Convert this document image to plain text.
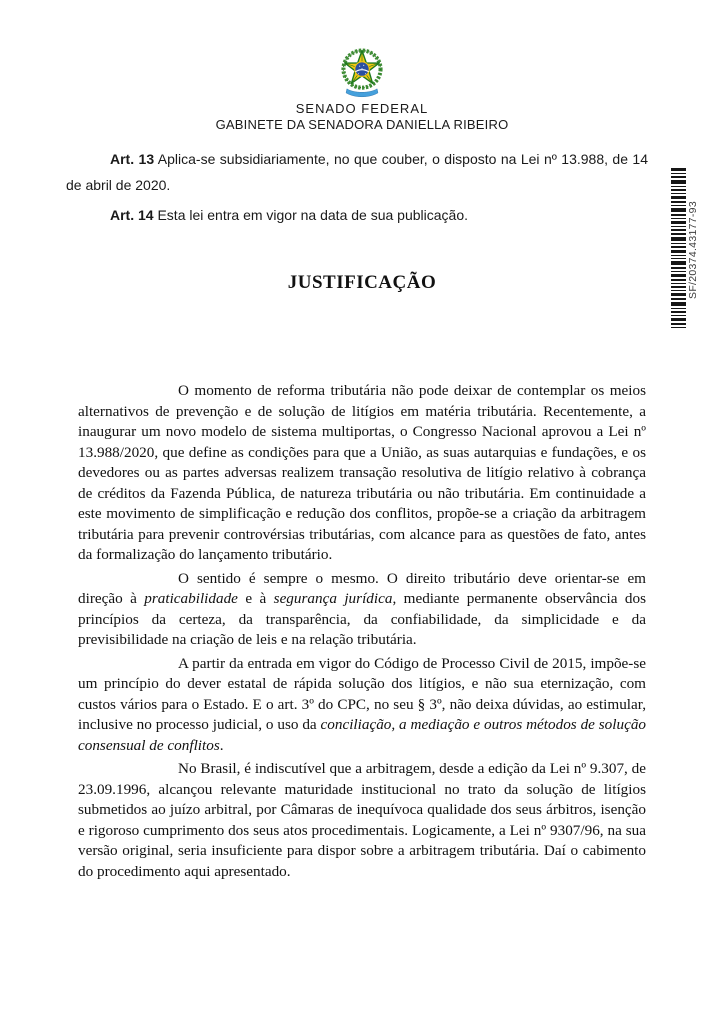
SENADO FEDERAL
GABINETE DA SENADORA DANIELLA RIBEIRO

Art. 13 Aplica-se subsidiariamente, no que couber, o disposto na Lei nº 13.988, de 14 de abril de 2020.

Art. 14 Esta lei entra em vigor na data de sua publicação.	SF/20374.43177-93
JUSTIFICAÇÃO

O momento de reforma tributária não pode deixar de contemplar os meios alternativos de prevenção e de solução de litígios em matéria tributária. Recentemente, a inaugurar um novo modelo de sistema multiportas, o Congresso Nacional aprovou a Lei nº 13.988/2020, que define as condições para que a União, as suas autarquias e fundações, e os devedores ou as partes adversas realizem transação resolutiva de litígio relativo à cobrança de créditos da Fazenda Pública, de natureza tributária ou não tributária. Em continuidade a este movimento de simplificação e redução dos conflitos, propõe-se a criação da arbitragem tributária para prevenir controvérsias tributárias, com alcance para as questões de fato, antes da formalização do lançamento tributário.

O sentido é sempre o mesmo. O direito tributário deve orientar-se em direção à praticabilidade e à segurança jurídica, mediante permanente observância dos princípios da certeza, da transparência, da confiabilidade, da simplicidade e da previsibilidade na criação de leis e na relação tributária.

A partir da entrada em vigor do Código de Processo Civil de 2015, impõe-se um princípio do dever estatal de rápida solução dos litígios, e não sua eternização, com custos vários para o Estado. E o art. 3º do CPC, no seu § 3º, não deixa dúvidas, ao estimular, inclusive no processo judicial, o uso da conciliação, a mediação e outros métodos de solução consensual de conflitos.

No Brasil, é indiscutível que a arbitragem, desde a edição da Lei nº 9.307, de 23.09.1996, alcançou relevante maturidade institucional no trato da solução de litígios submetidos ao juízo arbitral, por Câmaras de inequívoca qualidade dos seus árbitros, isenção e rigoroso cumprimento dos seus atos procedimentais. Logicamente, a Lei nº 9307/96, na sua versão original, seria insuficiente para dispor sobre a arbitragem tributária. Daí o cabimento do procedimento aqui apresentado.
